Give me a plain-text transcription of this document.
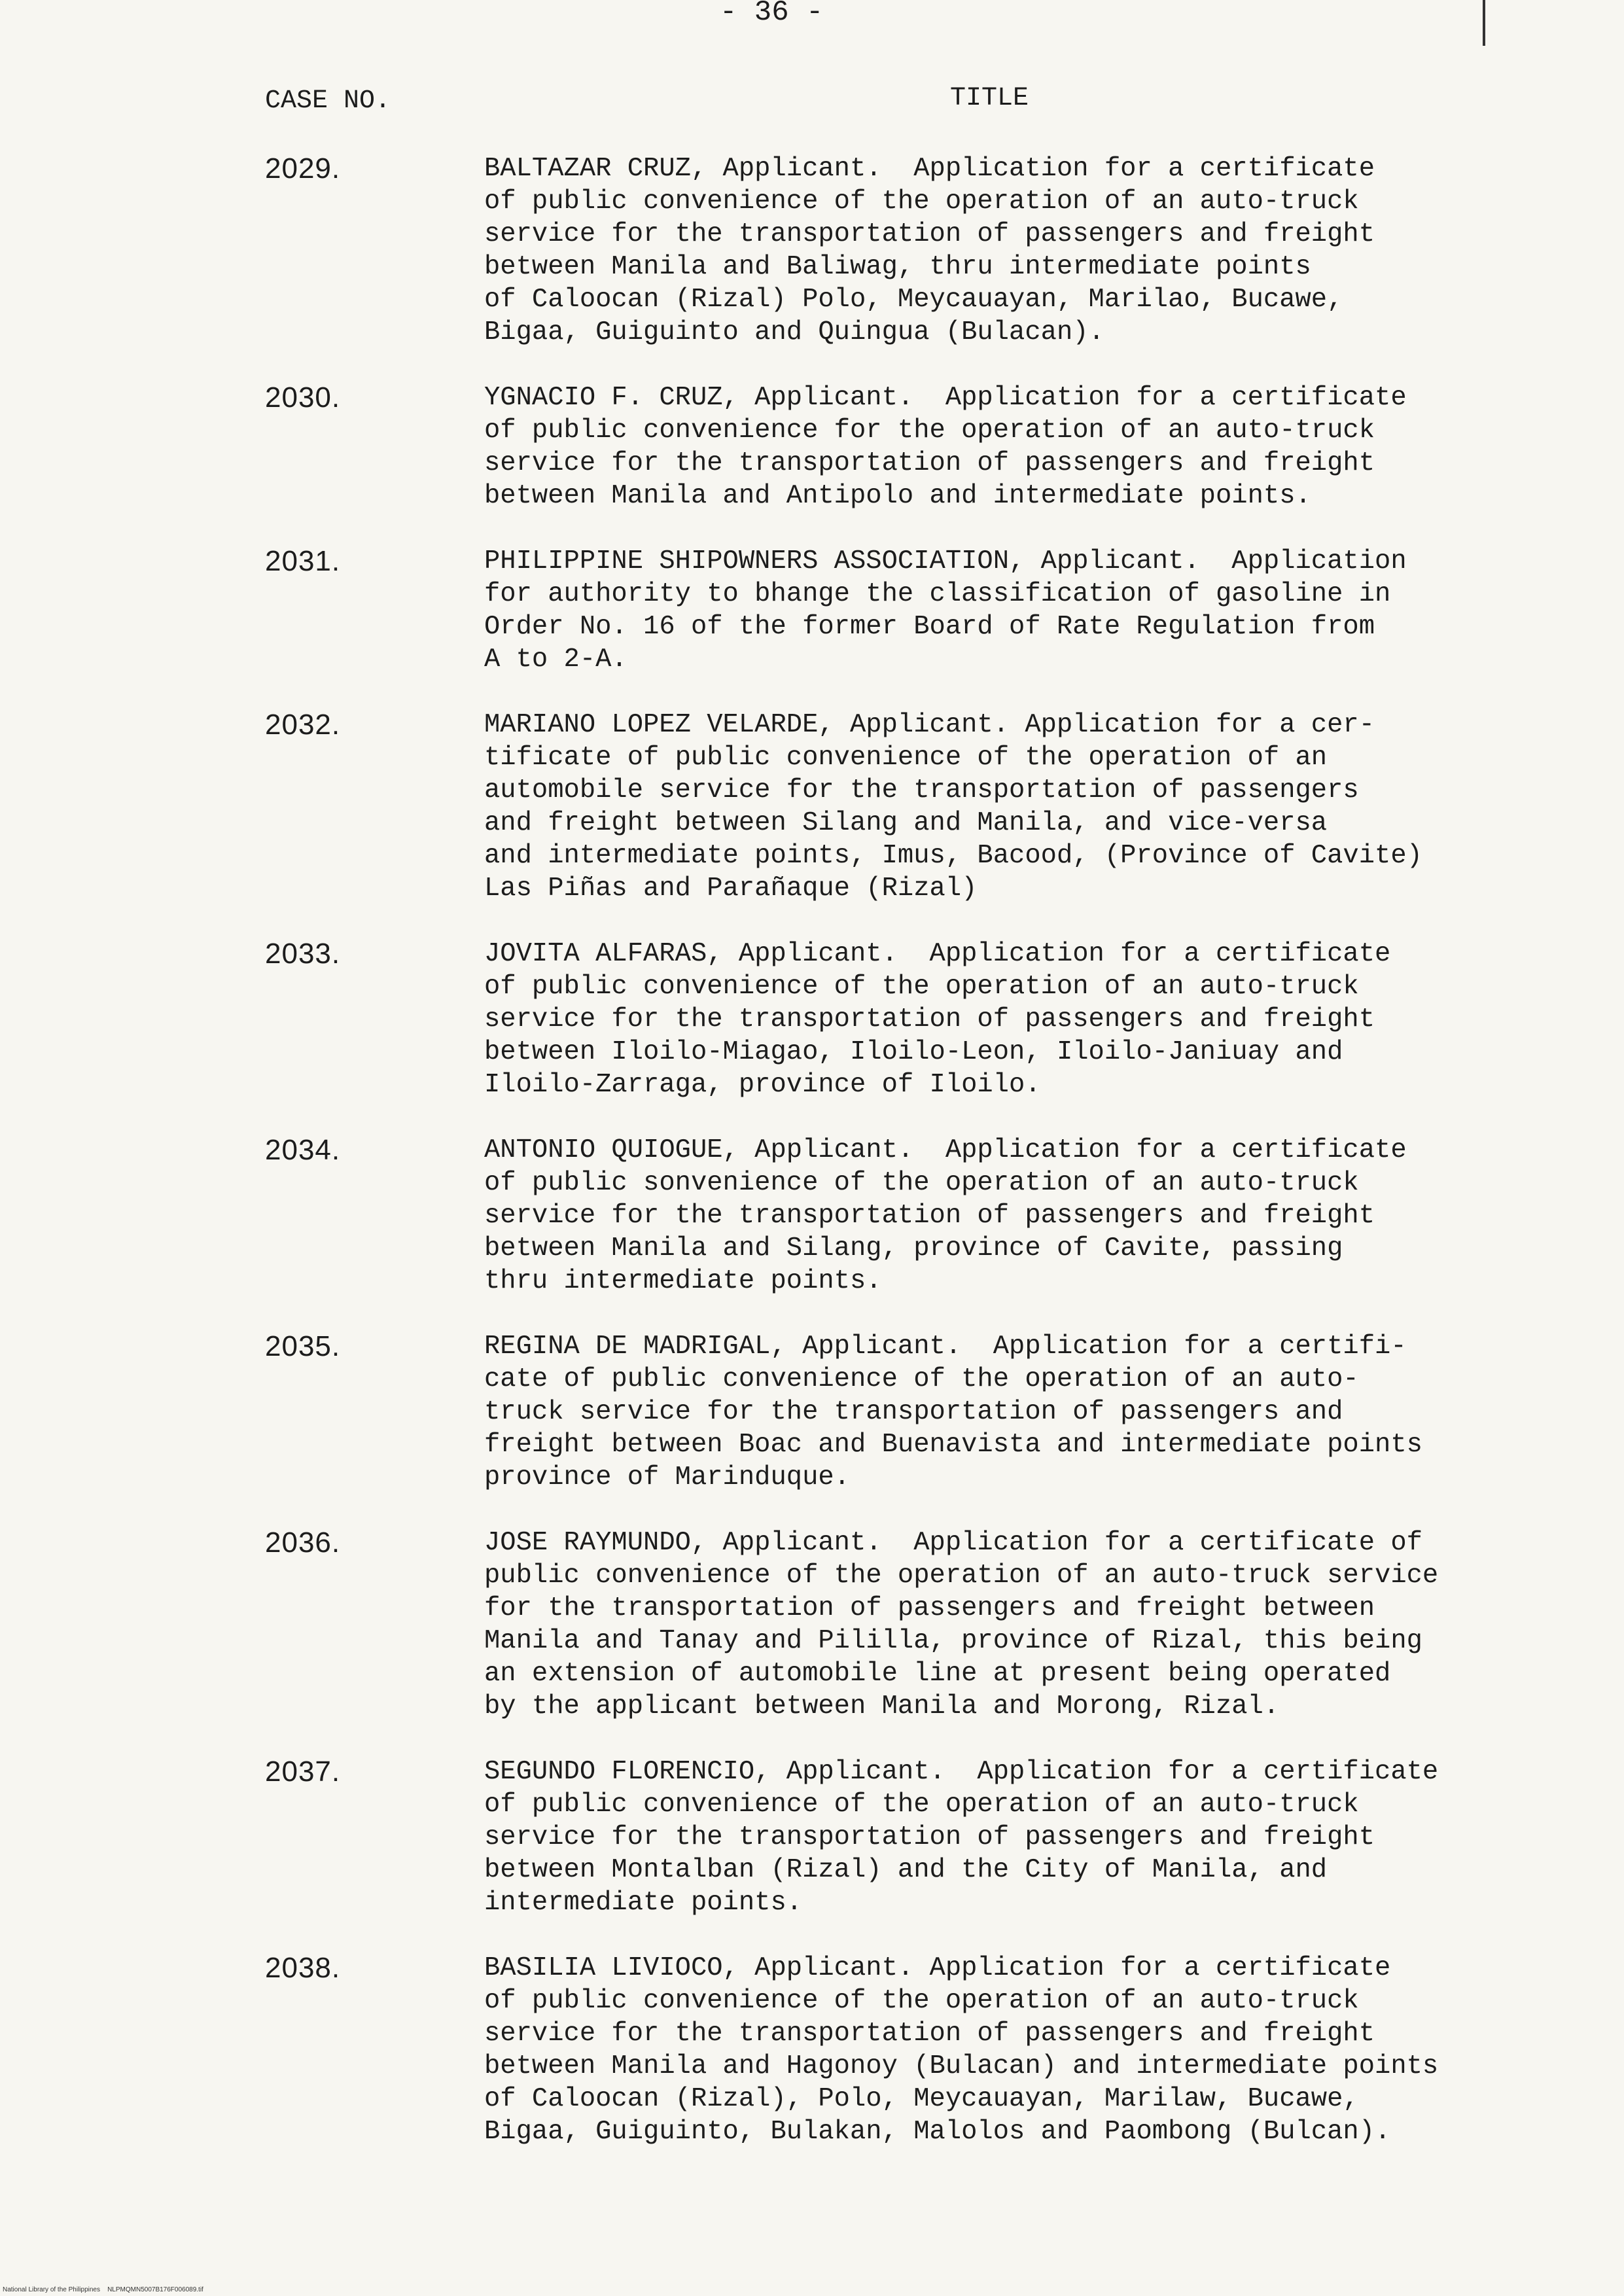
- 36 -
CASE NO.	TITLE
2029.	BALTAZAR CRUZ, Applicant.  Application for a certificate
of public convenience of the operation of an auto-truck
service for the transportation of passengers and freight
between Manila and Baliwag, thru intermediate points
of Caloocan (Rizal) Polo, Meycauayan, Marilao, Bucawe,
Bigaa, Guiguinto and Quingua (Bulacan).
2030.	YGNACIO F. CRUZ, Applicant.  Application for a certificate
of public convenience for the operation of an auto-truck
service for the transportation of passengers and freight
between Manila and Antipolo and intermediate points.
2031.	PHILIPPINE SHIPOWNERS ASSOCIATION, Applicant.  Application
for authority to bhange the classification of gasoline in
Order No. 16 of the former Board of Rate Regulation from
A to 2-A.
2032.	MARIANO LOPEZ VELARDE, Applicant. Application for a cer-
tificate of public convenience of the operation of an
automobile service for the transportation of passengers
and freight between Silang and Manila, and vice-versa
and intermediate points, Imus, Bacood, (Province of Cavite)
Las Piñas and Parañaque (Rizal)
2033.	JOVITA ALFARAS, Applicant.  Application for a certificate
of public convenience of the operation of an auto-truck
service for the transportation of passengers and freight
between Iloilo-Miagao, Iloilo-Leon, Iloilo-Janiuay and
Iloilo-Zarraga, province of Iloilo.
2034.	ANTONIO QUIOGUE, Applicant.  Application for a certificate
of public sonvenience of the operation of an auto-truck
service for the transportation of passengers and freight
between Manila and Silang, province of Cavite, passing
thru intermediate points.
2035.	REGINA DE MADRIGAL, Applicant.  Application for a certifi-
cate of public convenience of the operation of an auto-
truck service for the transportation of passengers and
freight between Boac and Buenavista and intermediate points
province of Marinduque.
2036.	JOSE RAYMUNDO, Applicant.  Application for a certificate of
public convenience of the operation of an auto-truck service
for the transportation of passengers and freight between
Manila and Tanay and Pililla, province of Rizal, this being
an extension of automobile line at present being operated
by the applicant between Manila and Morong, Rizal.
2037.	SEGUNDO FLORENCIO, Applicant.  Application for a certificate
of public convenience of the operation of an auto-truck
service for the transportation of passengers and freight
between Montalban (Rizal) and the City of Manila, and
intermediate points.
2038.	BASILIA LIVIOCO, Applicant. Application for a certificate
of public convenience of the operation of an auto-truck
service for the transportation of passengers and freight
between Manila and Hagonoy (Bulacan) and intermediate points
of Caloocan (Rizal), Polo, Meycauayan, Marilaw, Bucawe,
Bigaa, Guiguinto, Bulakan, Malolos and Paombong (Bulcan).
National Library of the Philippines    NLPMQMN5007B176F006089.tif
